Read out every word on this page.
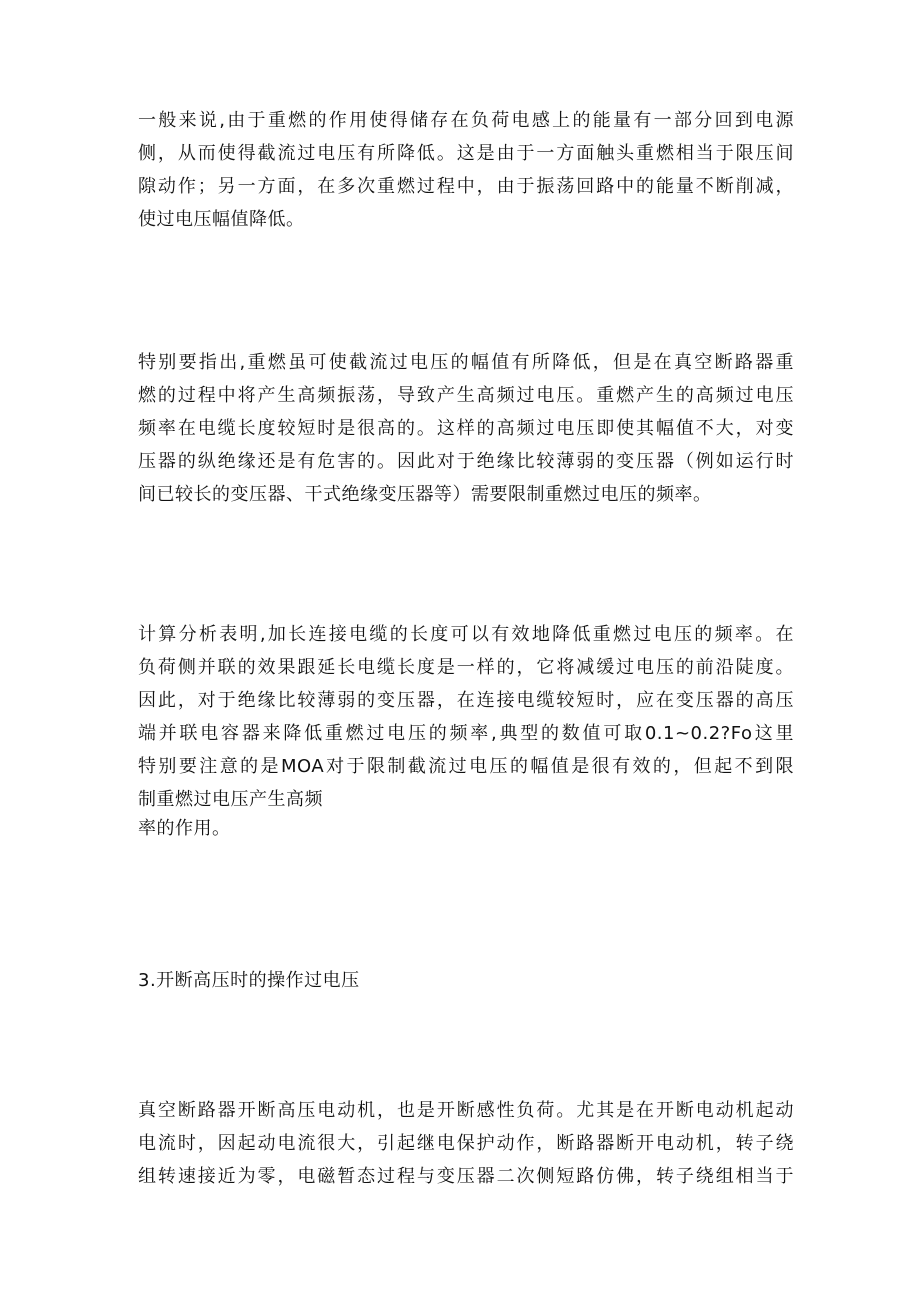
一般来说,由于重燃的作用使得储存在负荷电感上的能量有一部分回到电源
侧，从而使得截流过电压有所降低。这是由于一方面触头重燃相当于限压间
隙动作；另一方面，在多次重燃过程中，由于振荡回路中的能量不断削减，
使过电压幅值降低。
特别要指出,重燃虽可使截流过电压的幅值有所降低，但是在真空断路器重
燃的过程中将产生高频振荡，导致产生高频过电压。重燃产生的高频过电压
频率在电缆长度较短时是很高的。这样的高频过电压即使其幅值不大，对变
压器的纵绝缘还是有危害的。因此对于绝缘比较薄弱的变压器（例如运行时
间已较长的变压器、干式绝缘变压器等）需要限制重燃过电压的频率。
计算分析表明,加长连接电缆的长度可以有效地降低重燃过电压的频率。在
负荷侧并联的效果跟延长电缆长度是一样的，它将减缓过电压的前沿陡度。
因此，对于绝缘比较薄弱的变压器，在连接电缆较短时，应在变压器的高压
端并联电容器来降低重燃过电压的频率,典型的数值可取0.1~0.2?Fo这里
特别要注意的是MOA对于限制截流过电压的幅值是很有效的，但起不到限
制重燃过电压产生高频
率的作用。
3.开断高压时的操作过电压
真空断路器开断高压电动机，也是开断感性负荷。尤其是在开断电动机起动
电流时，因起动电流很大，引起继电保护动作，断路器断开电动机，转子绕
组转速接近为零，电磁暂态过程与变压器二次侧短路仿佛，转子绕组相当于
